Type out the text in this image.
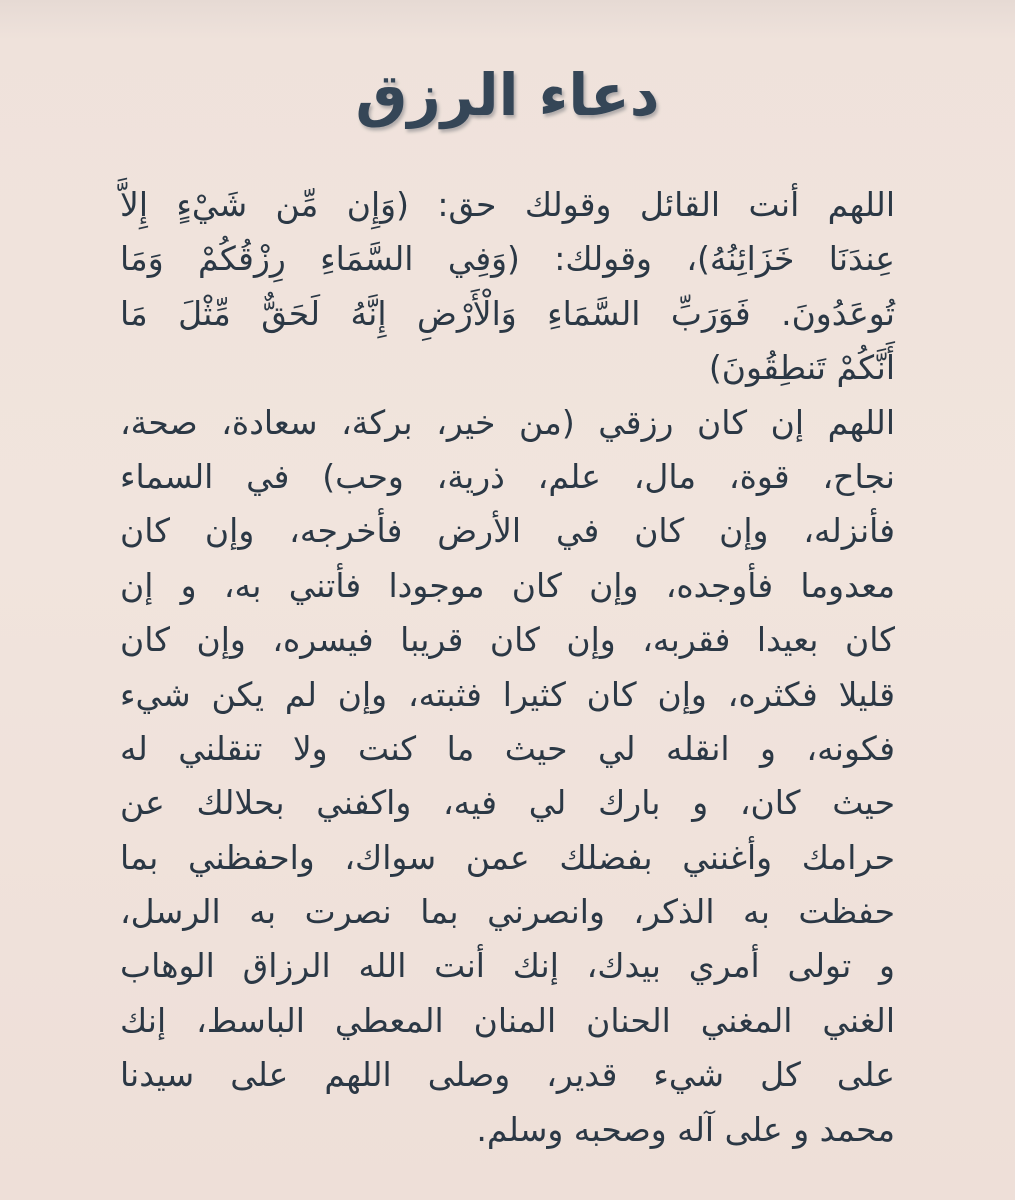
دعاء الرزق
اللهم أنت القائل وقولك حق: (وَإِن مِّن شَيْءٍ إِلاَّ
عِندَنَا خَزَائِنُهُ)، وقولك: (وَفِي السَّمَاءِ رِزْقُكُمْ وَمَا
تُوعَدُونَ. فَوَرَبِّ السَّمَاءِ وَالْأَرْضِ إِنَّهُ لَحَقٌّ مِّثْلَ مَا
أَنَّكُمْ تَنطِقُونَ)
اللهم إن كان رزقي (من خير، بركة، سعادة، صحة،
نجاح، قوة، مال، علم، ذرية، وحب) في السماء
فأنزله، وإن كان في الأرض فأخرجه، وإن كان
معدوما فأوجده، وإن كان موجودا فأتني به، و إن
كان بعيدا فقربه، وإن كان قريبا فيسره، وإن كان
قليلا فكثره، وإن كان كثيرا فثبته، وإن لم يكن شيء
فكونه، و انقله لي حيث ما كنت ولا تنقلني له
حيث كان، و بارك لي فيه، واكفني بحلالك عن
حرامك وأغنني بفضلك عمن سواك، واحفظني بما
حفظت به الذكر، وانصرني بما نصرت به الرسل،
و تولى أمري بيدك، إنك أنت الله الرزاق الوهاب
الغني المغني الحنان المنان المعطي الباسط، إنك
على كل شيء قدير، وصلى اللهم على سيدنا
محمد و على آله وصحبه وسلم.
